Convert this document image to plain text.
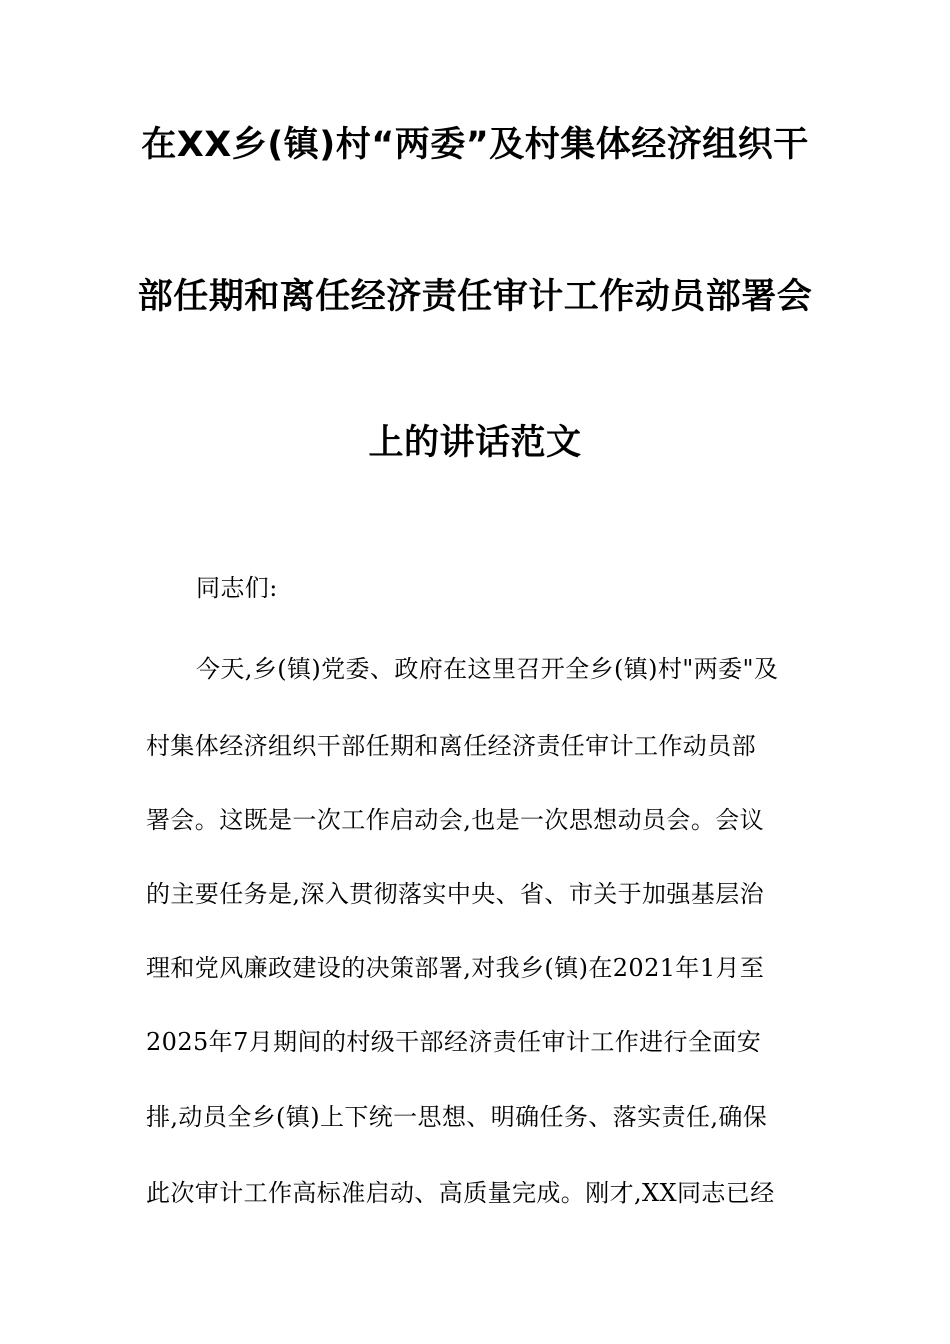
在XX乡(镇)村“两委”及村集体经济组织干
部任期和离任经济责任审计工作动员部署会
上的讲话范文
同志们:
今天,乡(镇)党委、政府在这里召开全乡(镇)村"两委"及
村集体经济组织干部任期和离任经济责任审计工作动员部
署会。这既是一次工作启动会,也是一次思想动员会。会议
的主要任务是,深入贯彻落实中央、省、市关于加强基层治
理和党风廉政建设的决策部署,对我乡(镇)在2021年1月至
2025年7月期间的村级干部经济责任审计工作进行全面安
排,动员全乡(镇)上下统一思想、明确任务、落实责任,确保
此次审计工作高标准启动、高质量完成。刚才,XX同志已经
